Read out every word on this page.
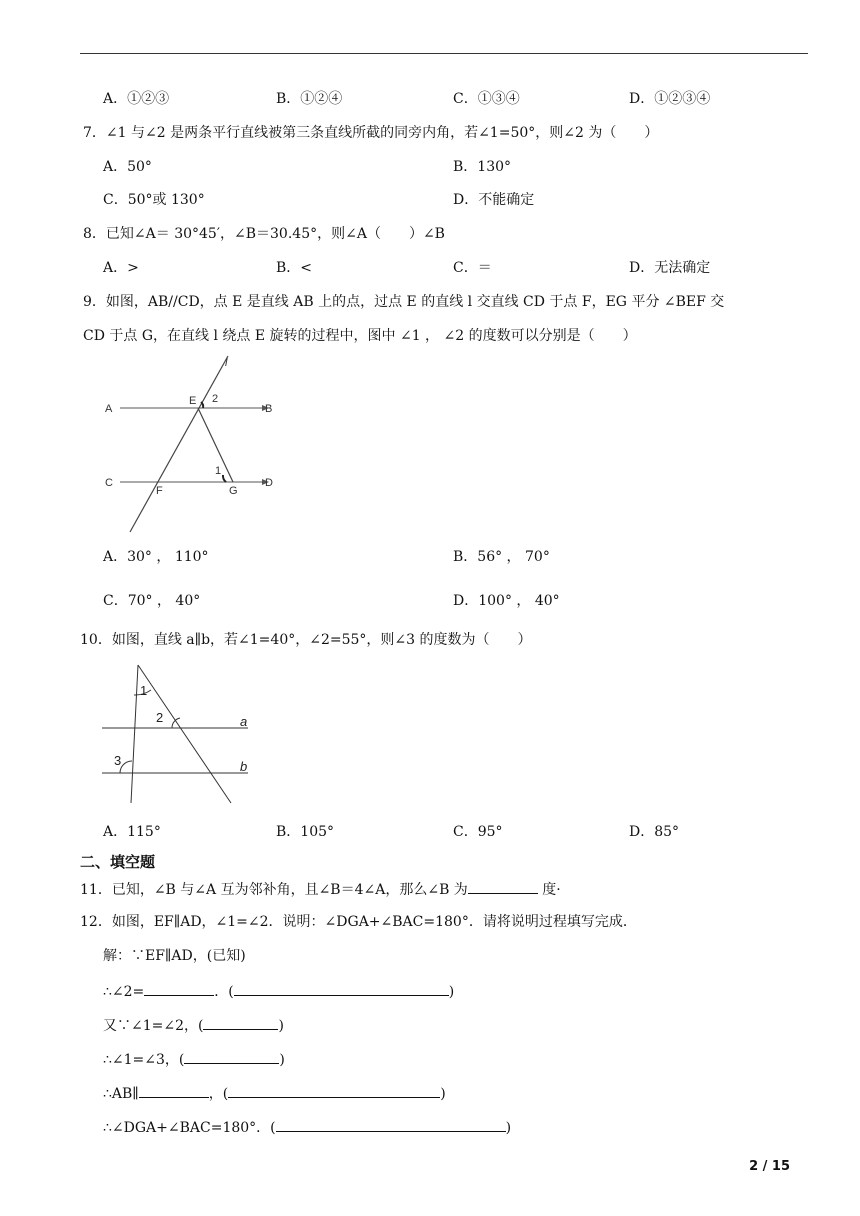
A．①②③	B．①②④	C．①③④	D．①②③④
7．∠1 与∠2 是两条平行直线被第三条直线所截的同旁内角，若∠1=50°，则∠2 为（　　）
A．50°	B．130°
C．50°或 130°	D．不能确定
8．已知∠A＝ 30°45′，∠B＝30.45°，则∠A（　　）∠B
A．>	B．<	C．＝	D．无法确定
9．如图，AB//CD，点 E 是直线 AB 上的点，过点 E 的直线 l 交直线 CD 于点 F，EG 平分 ∠BEF 交
CD 于点 G，在直线 l 绕点 E 旋转的过程中，图中 ∠1 ， ∠2 的度数可以分别是（　　）
A	B
C	D
E
F	G
l
2
1
A．30° ， 110°	B．56° ， 70°
C．70° ， 40°	D．100° ， 40°
10．如图，直线 a∥b，若∠1=40°，∠2=55°，则∠3 的度数为（　　）
1
2
3
a
b
A．115°	B．105°	C．95°	D．85°
二、填空题
11．已知，∠B 与∠A 互为邻补角，且∠B＝4∠A，那么∠B 为	度·
12．如图，EF∥AD，∠1=∠2．说明：∠DGA+∠BAC=180°．请将说明过程填写完成．
解：∵EF∥AD，(已知)
∴∠2=	．(	)
又∵∠1=∠2，(	)
∴∠1=∠3，(	)
∴AB∥	，(	)
∴∠DGA+∠BAC=180°．(	)
2 / 15
